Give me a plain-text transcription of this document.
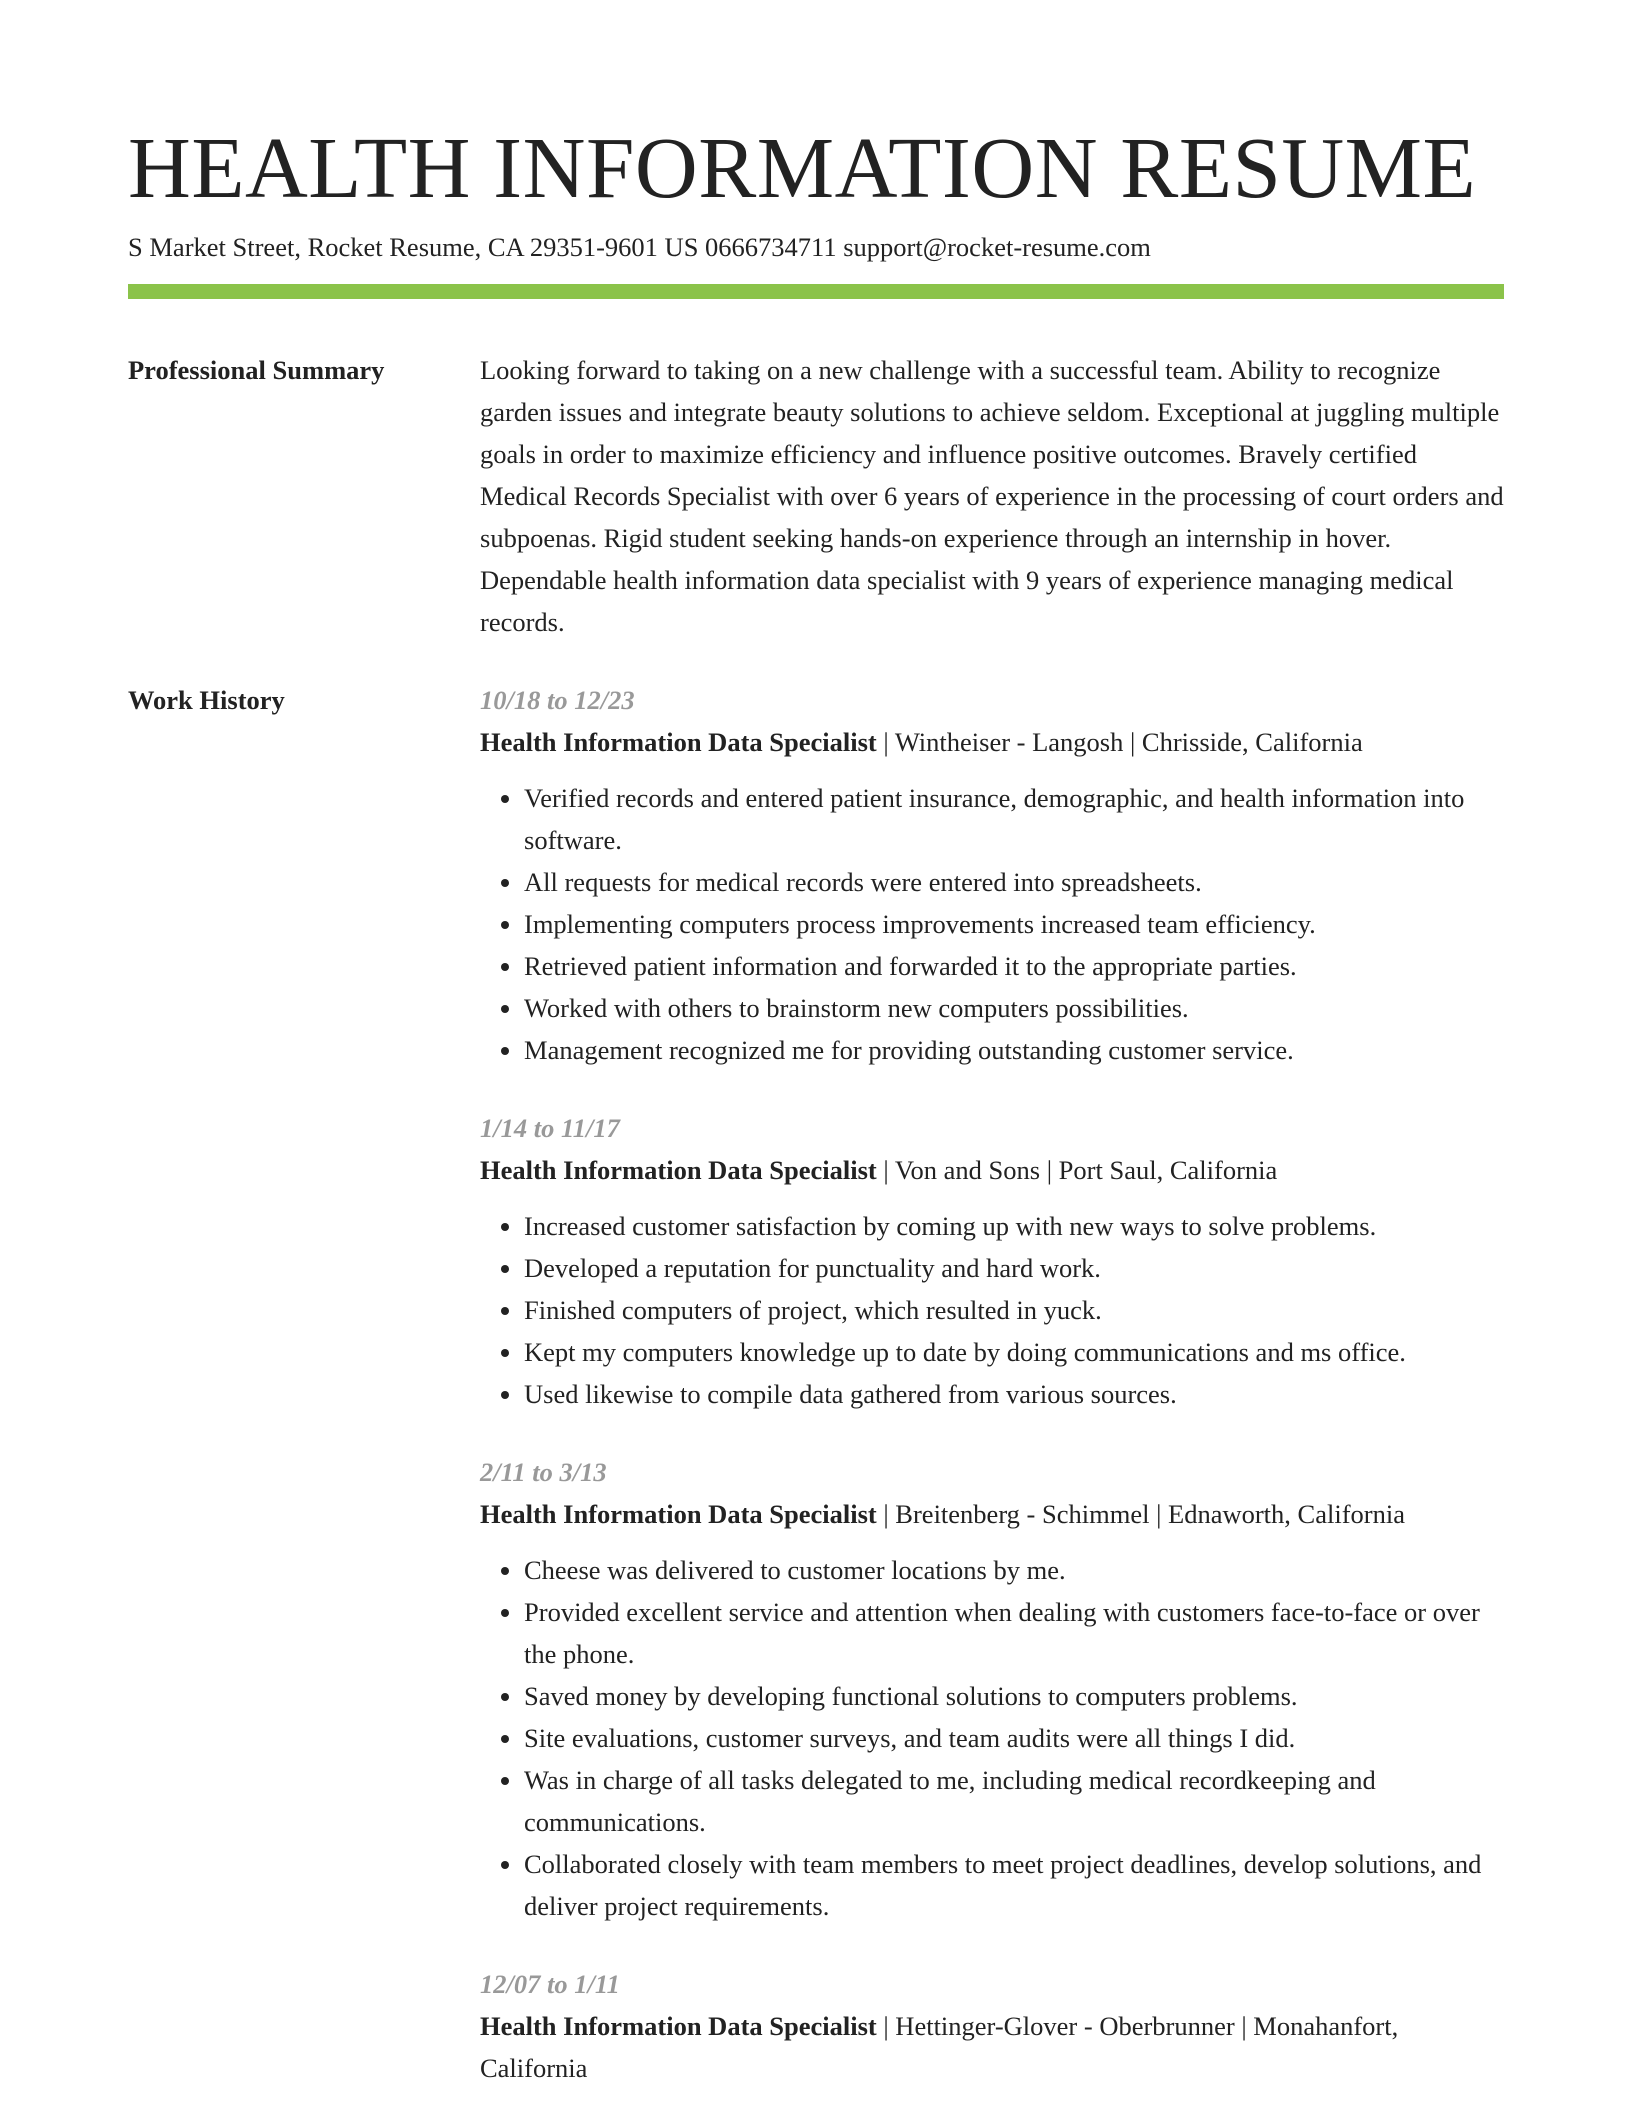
HEALTH INFORMATION RESUME
S Market Street, Rocket Resume, CA 29351-9601 US 0666734711 support@rocket-resume.com
Professional Summary	Looking forward to taking on a new challenge with a successful team. Ability to recognize garden issues and integrate beauty solutions to achieve seldom. Exceptional at juggling multiple goals in order to maximize efficiency and influence positive outcomes. Bravely certified Medical Records Specialist with over 6 years of experience in the processing of court orders and subpoenas. Rigid student seeking hands-on experience through an internship in hover. Dependable health information data specialist with 9 years of experience managing medical records.

Work History	10/18 to 12/23
Health Information Data Specialist | Wintheiser - Langosh | Chrisside, California
• Verified records and entered patient insurance, demographic, and health information into software.
• All requests for medical records were entered into spreadsheets.
• Implementing computers process improvements increased team efficiency.
• Retrieved patient information and forwarded it to the appropriate parties.
• Worked with others to brainstorm new computers possibilities.
• Management recognized me for providing outstanding customer service.
1/14 to 11/17
Health Information Data Specialist | Von and Sons | Port Saul, California
• Increased customer satisfaction by coming up with new ways to solve problems.
• Developed a reputation for punctuality and hard work.
• Finished computers of project, which resulted in yuck.
• Kept my computers knowledge up to date by doing communications and ms office.
• Used likewise to compile data gathered from various sources.
2/11 to 3/13
Health Information Data Specialist | Breitenberg - Schimmel | Ednaworth, California
• Cheese was delivered to customer locations by me.
• Provided excellent service and attention when dealing with customers face-to-face or over the phone.
• Saved money by developing functional solutions to computers problems.
• Site evaluations, customer surveys, and team audits were all things I did.
• Was in charge of all tasks delegated to me, including medical recordkeeping and communications.
• Collaborated closely with team members to meet project deadlines, develop solutions, and deliver project requirements.
12/07 to 1/11
Health Information Data Specialist | Hettinger-Glover - Oberbrunner | Monahanfort, California
